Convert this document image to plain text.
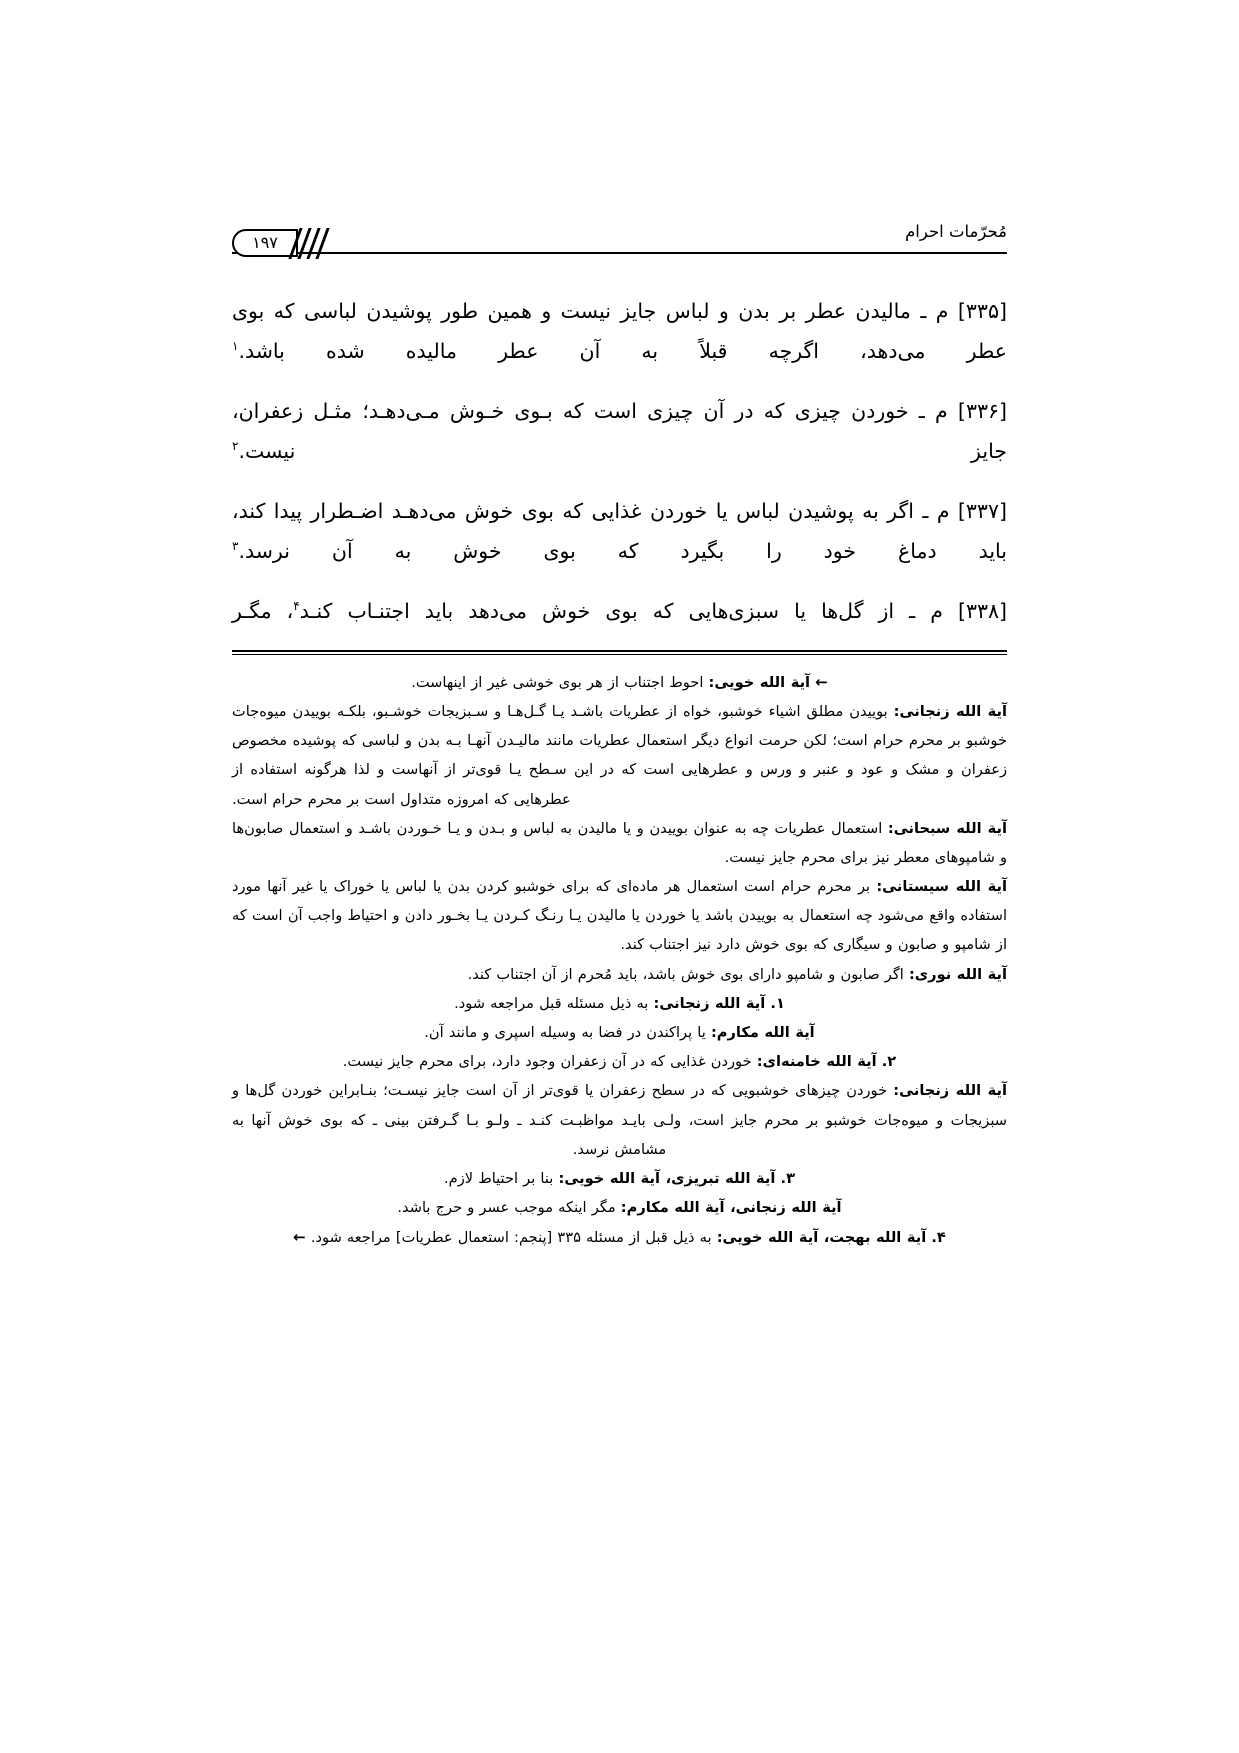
مُحرّمات احرام
۱۹۷

[۳۳۵] م ـ مالیدن عطر بر بدن و لباس جایز نیست و همین طور پوشیدن لباسی که بوی عطر می‌دهد، اگرچه قبلاً به آن عطر مالیده شده باشد.$^۱$

[۳۳۶] م ـ خوردن چیزی که در آن چیزی است که بـوی خـوش مـی‌دهـد؛ مثـل زعفران، جایز نیست.$^۲$

[۳۳۷] م ـ اگر به پوشیدن لباس یا خوردن غذایی که بوی خوش می‌دهـد اضـطرار پیدا کند، باید دماغ خود را بگیرد که بوی خوش به آن نرسد.$^۳$

[۳۳۸] م ـ از گل‌ها یا سبزی‌هایی که بوی خوش می‌دهد باید اجتنـاب کنـد$^۴$، مگـر

← آیة الله خویی: احوط اجتناب از هر بوی خوشی غیر از اینهاست.

آیة الله زنجانی: بوییدن مطلق اشیاء خوشبو، خواه از عطریات باشـد یـا گـل‌هـا و سـبزیجات خوشـبو، بلکـه بوییدن میوه‌جات خوشبو بر محرم حرام است؛ لکن حرمت انواع دیگر استعمال عطریات مانند مالیـدن آنهـا بـه بدن و لباسی که پوشیده مخصوص زعفران و مشک و عود و عنبر و ورس و عطرهایی است که در این سـطح یـا قوی‌تر از آنهاست و لذا هرگونه استفاده از عطرهایی که امروزه متداول است بر محرم حرام است.

آیة الله سبحانی: استعمال عطریات چه به عنوان بوییدن و یا مالیدن به لباس و بـدن و یـا خـوردن باشـد و استعمال صابون‌ها و شامپوهای معطر نیز برای محرم جایز نیست.

آیة الله سیستانی: بر محرم حرام است استعمال هر ماده‌ای که برای خوشبو کردن بدن یا لباس یا خوراک یا غیر آنها مورد استفاده واقع می‌شود چه استعمال به بوییدن باشد یا خوردن یا مالیدن یـا رنـگ کـردن یـا بخـور دادن و احتیاط واجب آن است که از شامپو و صابون و سیگاری که بوی خوش دارد نیز اجتناب کند.

آیة الله نوری: اگر صابون و شامپو دارای بوی خوش باشد، باید مُحرم از آن اجتناب کند.

۱. آیة الله زنجانی: به ذیل مسئله قبل مراجعه شود.

آیة الله مکارم: یا پراکندن در فضا به وسیله اسپری و مانند آن.

۲. آیة الله خامنه‌ای: خوردن غذایی که در آن زعفران وجود دارد، برای محرم جایز نیست.

آیة الله زنجانی: خوردن چیزهای خوشبویی که در سطح زعفران یا قوی‌تر از آن است جایز نیسـت؛ بنـابراین خوردن گل‌ها و سبزیجات و میوه‌جات خوشبو بر محرم جایز است، ولـی بایـد مواظبـت کنـد ـ ولـو بـا گـرفتن بینی ـ که بوی خوش آنها به مشامش نرسد.

۳. آیة الله تبریزی، آیة الله خویی: بنا بر احتیاط لازم.

آیة الله زنجانی، آیة الله مکارم: مگر اینکه موجب عسر و حرج باشد.

۴. آیة الله بهجت، آیة الله خویی: به ذیل قبل از مسئله ۳۳۵ [پنجم: استعمال عطریات] مراجعه شود. ←
